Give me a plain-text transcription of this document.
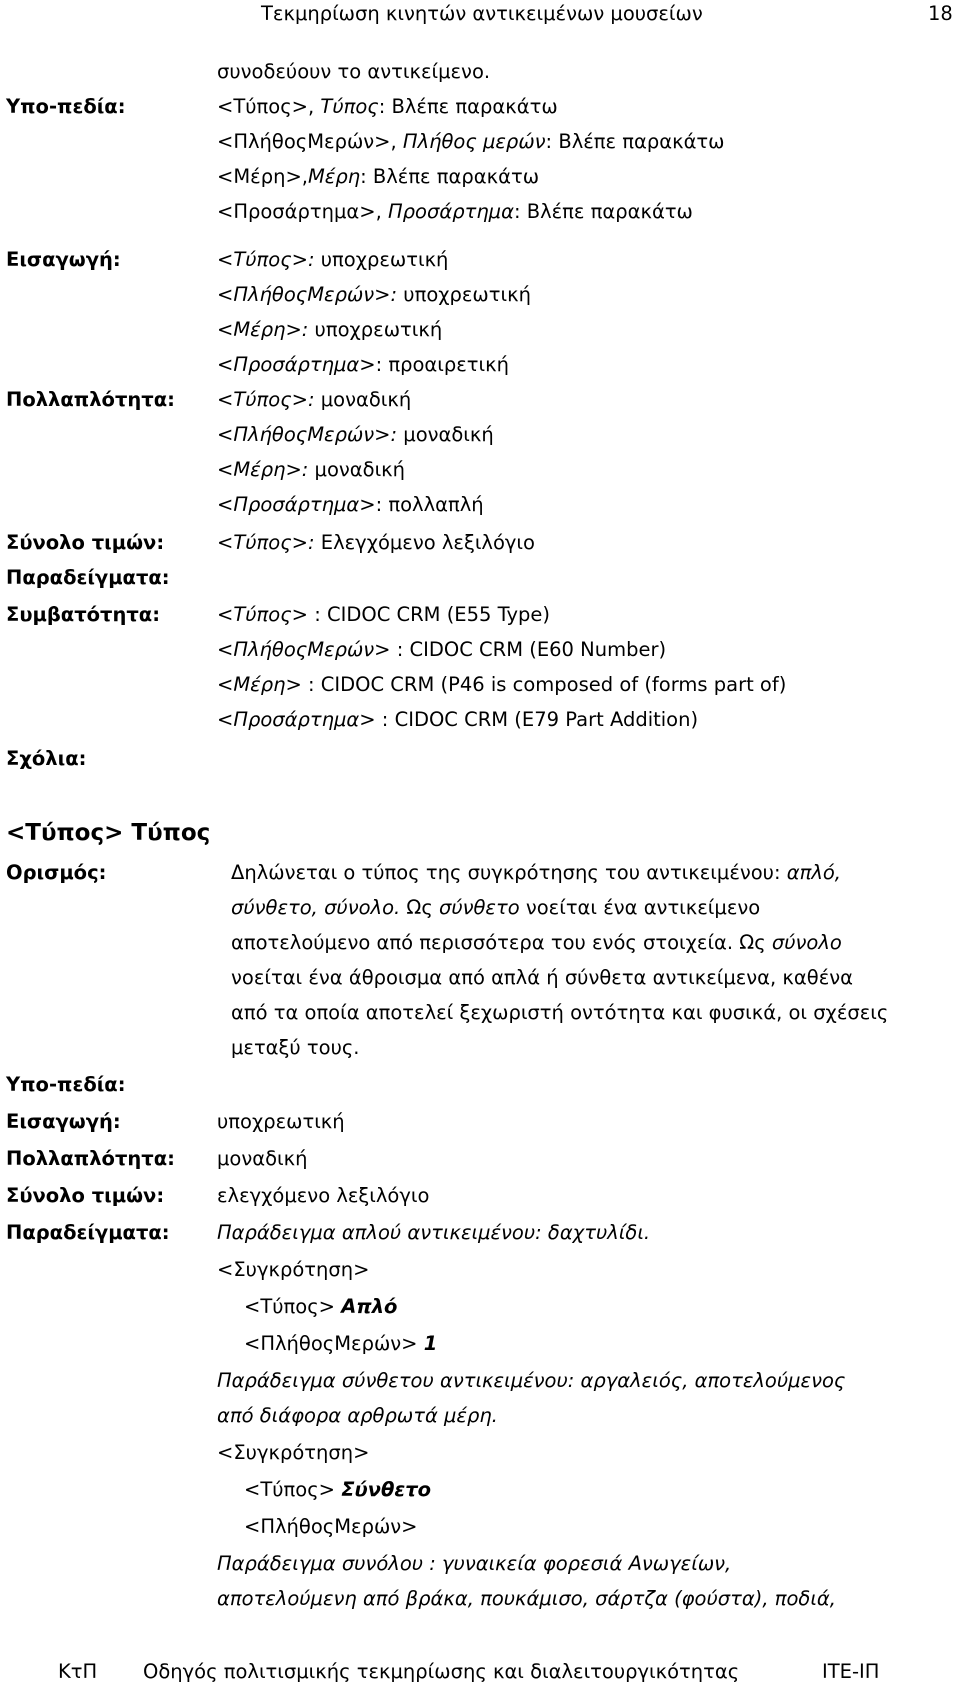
Τεκμηρίωση κινητών αντικειμένων μουσείων	18
συνοδεύουν το αντικείμενο.
Υπο-πεδία:	<Τύπος>, Τύπος: Βλέπε παρακάτω
<ΠλήθοςΜερών>, Πλήθος μερών: Βλέπε παρακάτω
<Μέρη>,Μέρη: Βλέπε παρακάτω
<Προσάρτημα>, Προσάρτημα: Βλέπε παρακάτω
Εισαγωγή:	<Τύπος>: υποχρεωτική
<ΠλήθοςΜερών>: υποχρεωτική
<Μέρη>: υποχρεωτική
<Προσάρτημα>: προαιρετική
Πολλαπλότητα: <Τύπος>: μοναδική
<ΠλήθοςΜερών>: μοναδική
<Μέρη>: μοναδική
<Προσάρτημα>: πολλαπλή
Σύνολο τιμών:	<Τύπος>: Ελεγχόμενο λεξιλόγιο
Παραδείγματα:
Συμβατότητα:	<Τύπος> : CIDOC CRM (E55 Type)
<ΠλήθοςΜερών> : CIDOC CRM (E60 Number)
<Μέρη> : CIDOC CRM (P46 is composed of (forms part of)
<Προσάρτημα> : CIDOC CRM (E79 Part Addition)
Σχόλια:
<Τύπος> Τύπος
Ορισμός:	Δηλώνεται ο τύπος της συγκρότησης του αντικειμένου: απλό,
σύνθετο, σύνολο. Ως σύνθετο νοείται ένα αντικείμενο
αποτελούμενο από περισσότερα του ενός στοιχεία. Ως σύνολο
νοείται ένα άθροισμα από απλά ή σύνθετα αντικείμενα, καθένα
από τα οποία αποτελεί ξεχωριστή οντότητα και φυσικά, οι σχέσεις
μεταξύ τους.
Υπο-πεδία:
Εισαγωγή:	υποχρεωτική
Πολλαπλότητα: μοναδική
Σύνολο τιμών:	ελεγχόμενο λεξιλόγιο
Παραδείγματα: Παράδειγμα απλού αντικειμένου: δαχτυλίδι.
<Συγκρότηση>
<Τύπος> Απλό
<ΠλήθοςΜερών> 1
Παράδειγμα σύνθετου αντικειμένου: αργαλειός, αποτελούμενος
από διάφορα αρθρωτά μέρη.
<Συγκρότηση>
<Τύπος> Σύνθετο
<ΠλήθοςΜερών>
Παράδειγμα συνόλου : γυναικεία φορεσιά Ανωγείων,
αποτελούμενη από βράκα, πουκάμισο, σάρτζα (φούστα), ποδιά,
ΚτΠ Οδηγός πολιτισμικής τεκμηρίωσης και διαλειτουργικότητας	ΙΤΕ-ΙΠ
